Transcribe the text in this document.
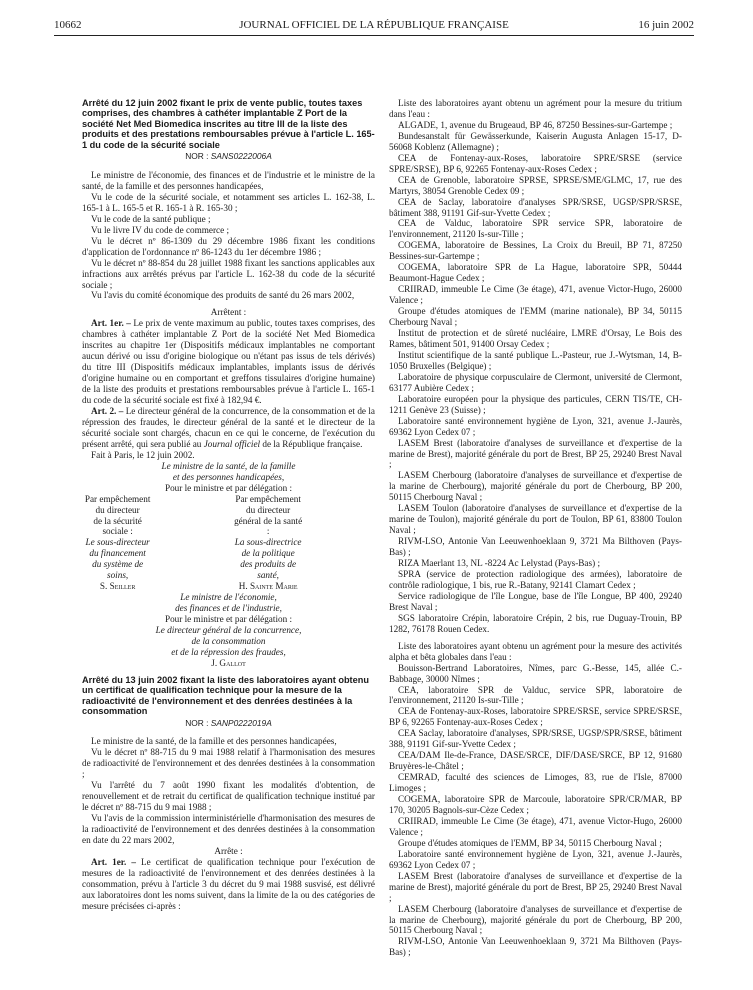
10662	JOURNAL OFFICIEL DE LA RÉPUBLIQUE FRANÇAISE	16 juin 2002

Arrêté du 12 juin 2002 fixant le prix de vente public, toutes taxes comprises, des chambres à cathéter implantable Z Port de la société Net Med Biomedica inscrites au titre III de la liste des produits et des prestations remboursables prévue à l'article L. 165-1 du code de la sécurité sociale

NOR : SANS0222006A

Le ministre de l'économie, des finances et de l'industrie et le ministre de la santé, de la famille et des personnes handicapées,

Vu le code de la sécurité sociale, et notamment ses articles L. 162-38, L. 165-1 à L. 165-5 et R. 165-1 à R. 165-30 ;

Vu le code de la santé publique ;

Vu le livre IV du code de commerce ;

Vu le décret nº 86-1309 du 29 décembre 1986 fixant les conditions d'application de l'ordonnance nº 86-1243 du 1er décembre 1986 ;

Vu le décret nº 88-854 du 28 juillet 1988 fixant les sanctions applicables aux infractions aux arrêtés prévus par l'article L. 162-38 du code de la sécurité sociale ;

Vu l'avis du comité économique des produits de santé du 26 mars 2002,

Arrêtent :

Art. 1er. – Le prix de vente maximum au public, toutes taxes comprises, des chambres à cathéter implantable Z Port de la société Net Med Biomedica inscrites au chapitre 1er (Dispositifs médicaux implantables ne comportant aucun dérivé ou issu d'origine biologique ou n'étant pas issus de tels dérivés) du titre III (Dispositifs médicaux implantables, implants issus de dérivés d'origine humaine ou en comportant et greffons tissulaires d'origine humaine) de la liste des produits et prestations remboursables prévue à l'article L. 165-1 du code de la sécurité sociale est fixé à 182,94 €.

Art. 2. – Le directeur général de la concurrence, de la consommation et de la répression des fraudes, le directeur général de la santé et le directeur de la sécurité sociale sont chargés, chacun en ce qui le concerne, de l'exécution du présent arrêté, qui sera publié au Journal officiel de la République française.

Fait à Paris, le 12 juin 2002.

Le ministre de la santé, de la famille

et des personnes handicapées,

Pour le ministre et par délégation :

Par empêchement du directeur
de la sécurité sociale :
Le sous-directeur
du financement
du système de soins,
S. Seiller
Par empêchement
du directeur général de la santé :
La sous-directrice
de la politique
des produits de santé,
H. Sainte Marie

Le ministre de l'économie,

des finances et de l'industrie,

Pour le ministre et par délégation :

Le directeur général de la concurrence,

de la consommation

et de la répression des fraudes,

J. Gallot

Arrêté du 13 juin 2002 fixant la liste des laboratoires ayant obtenu un certificat de qualification technique pour la mesure de la radioactivité de l'environnement et des denrées destinées à la consommation

NOR : SANP0222019A

Le ministre de la santé, de la famille et des personnes handicapées,

Vu le décret nº 88-715 du 9 mai 1988 relatif à l'harmonisation des mesures de radioactivité de l'environnement et des denrées destinées à la consommation ;

Vu l'arrêté du 7 août 1990 fixant les modalités d'obtention, de renouvellement et de retrait du certificat de qualification technique institué par le décret nº 88-715 du 9 mai 1988 ;

Vu l'avis de la commission interministérielle d'harmonisation des mesures de la radioactivité de l'environnement et des denrées destinées à la consommation en date du 22 mars 2002,

Arrête :

Art. 1er. – Le certificat de qualification technique pour l'exécution de mesures de la radioactivité de l'environnement et des denrées destinées à la consommation, prévu à l'article 3 du décret du 9 mai 1988 susvisé, est délivré aux laboratoires dont les noms suivent, dans la limite de la ou des catégories de mesure précisées ci-après :

Liste des laboratoires ayant obtenu un agrément pour la mesure du tritium dans l'eau :

ALGADE, 1, avenue du Brugeaud, BP 46, 87250 Bessines-sur-Gartempe ;

Bundesanstalt für Gewässerkunde, Kaiserin Augusta Anlagen 15-17, D-56068 Koblenz (Allemagne) ;

CEA de Fontenay-aux-Roses, laboratoire SPRE/SRSE (service SPRE/SRSE), BP 6, 92265 Fontenay-aux-Roses Cedex ;

CEA de Grenoble, laboratoire SPRSE, SPRSE/SME/GLMC, 17, rue des Martyrs, 38054 Grenoble Cedex 09 ;

CEA de Saclay, laboratoire d'analyses SPR/SRSE, UGSP/SPR/SRSE, bâtiment 388, 91191 Gif-sur-Yvette Cedex ;

CEA de Valduc, laboratoire SPR service SPR, laboratoire de l'environnement, 21120 Is-sur-Tille ;

COGEMA, laboratoire de Bessines, La Croix du Breuil, BP 71, 87250 Bessines-sur-Gartempe ;

COGEMA, laboratoire SPR de La Hague, laboratoire SPR, 50444 Beaumont-Hague Cedex ;

CRIIRAD, immeuble Le Cime (3e étage), 471, avenue Victor-Hugo, 26000 Valence ;

Groupe d'études atomiques de l'EMM (marine nationale), BP 34, 50115 Cherbourg Naval ;

Institut de protection et de sûreté nucléaire, LMRE d'Orsay, Le Bois des Rames, bâtiment 501, 91400 Orsay Cedex ;

Institut scientifique de la santé publique L.-Pasteur, rue J.-Wytsman, 14, B-1050 Bruxelles (Belgique) ;

Laboratoire de physique corpusculaire de Clermont, université de Clermont, 63177 Aubière Cedex ;

Laboratoire européen pour la physique des particules, CERN TIS/TE, CH-1211 Genève 23 (Suisse) ;

Laboratoire santé environnement hygiène de Lyon, 321, avenue J.-Jaurès, 69362 Lyon Cedex 07 ;

LASEM Brest (laboratoire d'analyses de surveillance et d'expertise de la marine de Brest), majorité générale du port de Brest, BP 25, 29240 Brest Naval ;

LASEM Cherbourg (laboratoire d'analyses de surveillance et d'expertise de la marine de Cherbourg), majorité générale du port de Cherbourg, BP 200, 50115 Cherbourg Naval ;

LASEM Toulon (laboratoire d'analyses de surveillance et d'expertise de la marine de Toulon), majorité générale du port de Toulon, BP 61, 83800 Toulon Naval ;

RIVM-LSO, Antonie Van Leeuwenhoeklaan 9, 3721 Ma Bilthoven (Pays-Bas) ;

RIZA Maerlant 13, NL -8224 Ac Lelystad (Pays-Bas) ;

SPRA (service de protection radiologique des armées), laboratoire de contrôle radiologique, 1 bis, rue R.-Batany, 92141 Clamart Cedex ;

Service radiologique de l'île Longue, base de l'île Longue, BP 400, 29240 Brest Naval ;

SGS laboratoire Crépin, laboratoire Crépin, 2 bis, rue Duguay-Trouin, BP 1282, 76178 Rouen Cedex.

Liste des laboratoires ayant obtenu un agrément pour la mesure des activités alpha et bêta globales dans l'eau :

Bouisson-Bertrand Laboratoires, Nîmes, parc G.-Besse, 145, allée C.-Babbage, 30000 Nîmes ;

CEA, laboratoire SPR de Valduc, service SPR, laboratoire de l'environnement, 21120 Is-sur-Tille ;

CEA de Fontenay-aux-Roses, laboratoire SPRE/SRSE, service SPRE/SRSE, BP 6, 92265 Fontenay-aux-Roses Cedex ;

CEA Saclay, laboratoire d'analyses, SPR/SRSE, UGSP/SPR/SRSE, bâtiment 388, 91191 Gif-sur-Yvette Cedex ;

CEA/DAM Ile-de-France, DASE/SRCE, DIF/DASE/SRCE, BP 12, 91680 Bruyères-le-Châtel ;

CEMRAD, faculté des sciences de Limoges, 83, rue de l'Isle, 87000 Limoges ;

COGEMA, laboratoire SPR de Marcoule, laboratoire SPR/CR/MAR, BP 170, 30205 Bagnols-sur-Cèze Cedex ;

CRIIRAD, immeuble Le Cime (3e étage), 471, avenue Victor-Hugo, 26000 Valence ;

Groupe d'études atomiques de l'EMM, BP 34, 50115 Cherbourg Naval ;

Laboratoire santé environnement hygiène de Lyon, 321, avenue J.-Jaurès, 69362 Lyon Cedex 07 ;

LASEM Brest (laboratoire d'analyses de surveillance et d'expertise de la marine de Brest), majorité générale du port de Brest, BP 25, 29240 Brest Naval ;

LASEM Cherbourg (laboratoire d'analyses de surveillance et d'expertise de la marine de Cherbourg), majorité générale du port de Cherbourg, BP 200, 50115 Cherbourg Naval ;

RIVM-LSO, Antonie Van Leeuwenhoeklaan 9, 3721 Ma Bilthoven (Pays-Bas) ;
